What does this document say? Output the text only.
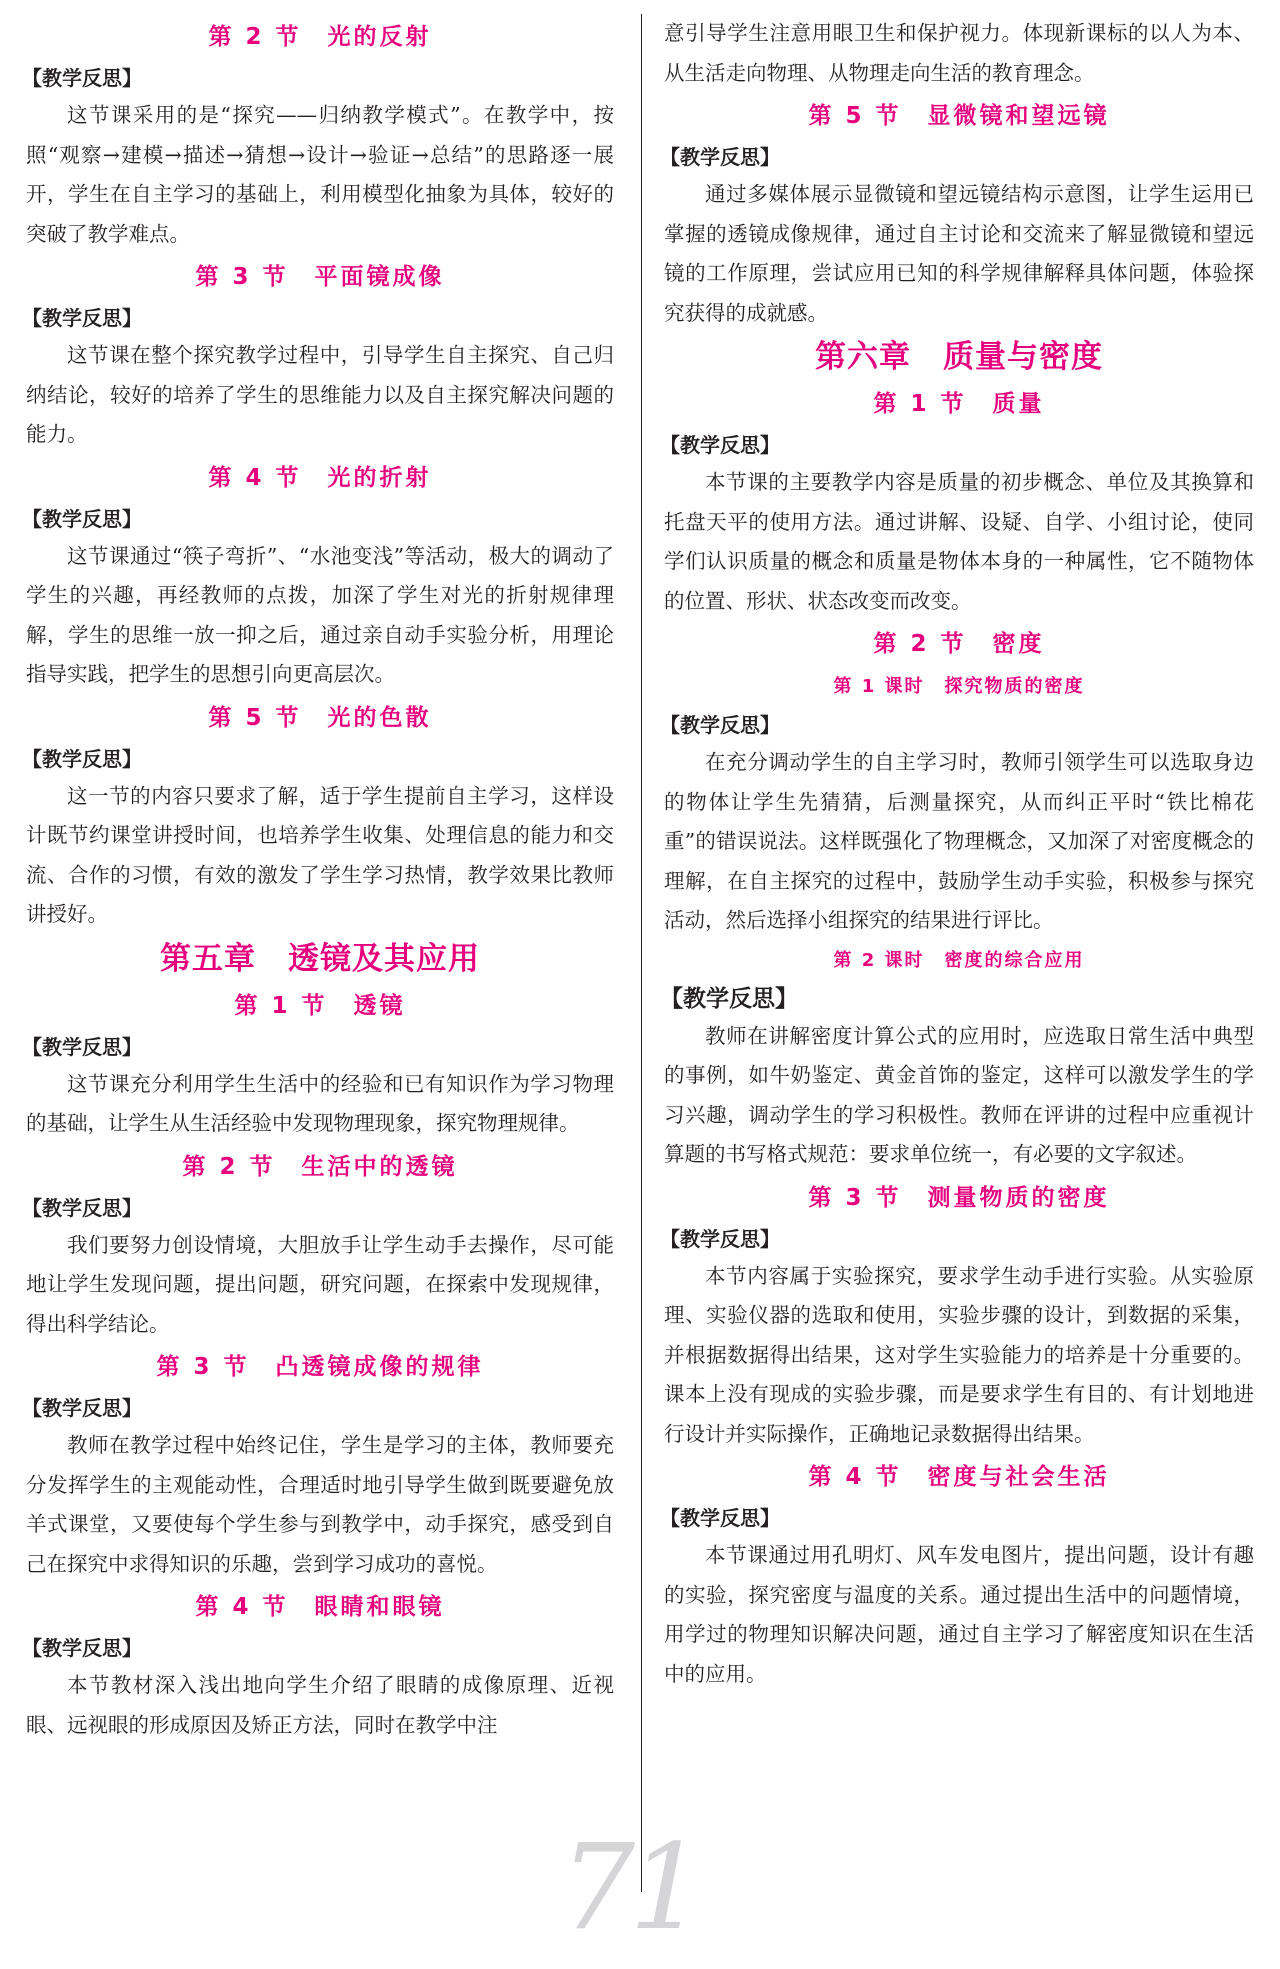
第 2 节　光的反射

【教学反思】

这节课采用的是“探究——归纳教学模式”。在教学中，按照“观察→建模→描述→猜想→设计→验证→总结”的思路逐一展开，学生在自主学习的基础上，利用模型化抽象为具体，较好的突破了教学难点。

第 3 节　平面镜成像

【教学反思】

这节课在整个探究教学过程中，引导学生自主探究、自己归纳结论，较好的培养了学生的思维能力以及自主探究解决问题的能力。

第 4 节　光的折射

【教学反思】

这节课通过“筷子弯折”、“水池变浅”等活动，极大的调动了学生的兴趣，再经教师的点拨，加深了学生对光的折射规律理解，学生的思维一放一抑之后，通过亲自动手实验分析，用理论指导实践，把学生的思想引向更高层次。

第 5 节　光的色散

【教学反思】

这一节的内容只要求了解，适于学生提前自主学习，这样设计既节约课堂讲授时间，也培养学生收集、处理信息的能力和交流、合作的习惯，有效的激发了学生学习热情，教学效果比教师讲授好。

第五章　透镜及其应用
第 1 节　透镜

【教学反思】

这节课充分利用学生生活中的经验和已有知识作为学习物理的基础，让学生从生活经验中发现物理现象，探究物理规律。

第 2 节　生活中的透镜

【教学反思】

我们要努力创设情境，大胆放手让学生动手去操作，尽可能地让学生发现问题，提出问题，研究问题，在探索中发现规律，得出科学结论。

第 3 节　凸透镜成像的规律

【教学反思】

教师在教学过程中始终记住，学生是学习的主体，教师要充分发挥学生的主观能动性，合理适时地引导学生做到既要避免放羊式课堂，又要使每个学生参与到教学中，动手探究，感受到自己在探究中求得知识的乐趣，尝到学习成功的喜悦。

第 4 节　眼睛和眼镜

【教学反思】

本节教材深入浅出地向学生介绍了眼睛的成像原理、近视眼、远视眼的形成原因及矫正方法，同时在教学中注

意引导学生注意用眼卫生和保护视力。体现新课标的以人为本、从生活走向物理、从物理走向生活的教育理念。

第 5 节　显微镜和望远镜

【教学反思】

通过多媒体展示显微镜和望远镜结构示意图，让学生运用已掌握的透镜成像规律，通过自主讨论和交流来了解显微镜和望远镜的工作原理，尝试应用已知的科学规律解释具体问题，体验探究获得的成就感。

第六章　质量与密度
第 1 节　质量

【教学反思】

本节课的主要教学内容是质量的初步概念、单位及其换算和托盘天平的使用方法。通过讲解、设疑、自学、小组讨论，使同学们认识质量的概念和质量是物体本身的一种属性，它不随物体的位置、形状、状态改变而改变。

第 2 节　密度
第 1 课时　探究物质的密度

【教学反思】

在充分调动学生的自主学习时，教师引领学生可以选取身边的物体让学生先猜猜，后测量探究，从而纠正平时“铁比棉花重”的错误说法。这样既强化了物理概念，又加深了对密度概念的理解，在自主探究的过程中，鼓励学生动手实验，积极参与探究活动，然后选择小组探究的结果进行评比。

第 2 课时　密度的综合应用

【教学反思】

教师在讲解密度计算公式的应用时，应选取日常生活中典型的事例，如牛奶鉴定、黄金首饰的鉴定，这样可以激发学生的学习兴趣，调动学生的学习积极性。教师在评讲的过程中应重视计算题的书写格式规范：要求单位统一，有必要的文字叙述。

第 3 节　测量物质的密度

【教学反思】

本节内容属于实验探究，要求学生动手进行实验。从实验原理、实验仪器的选取和使用，实验步骤的设计，到数据的采集，并根据数据得出结果，这对学生实验能力的培养是十分重要的。课本上没有现成的实验步骤，而是要求学生有目的、有计划地进行设计并实际操作，正确地记录数据得出结果。

第 4 节　密度与社会生活

【教学反思】

本节课通过用孔明灯、风车发电图片，提出问题，设计有趣的实验，探究密度与温度的关系。通过提出生活中的问题情境，用学过的物理知识解决问题，通过自主学习了解密度知识在生活中的应用。

71
